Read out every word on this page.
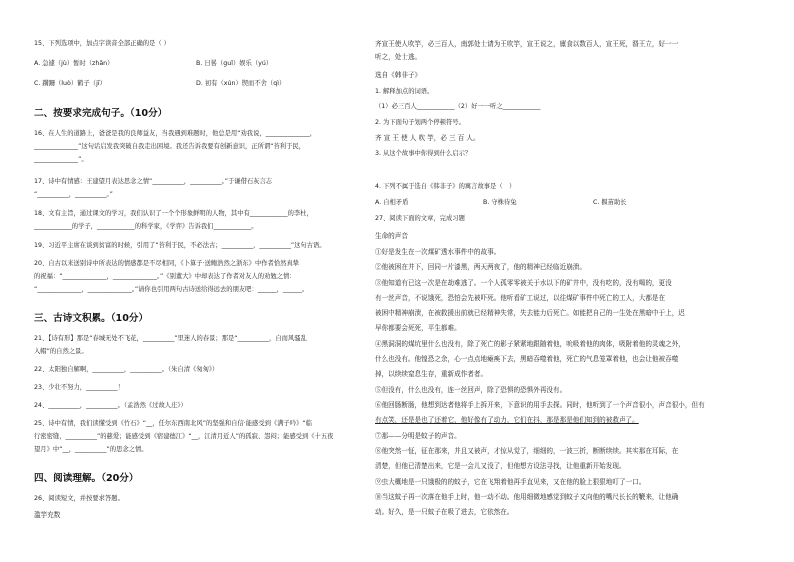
15、下列选项中，加点字读音全部正确的是（ ）
A. 急遽（jù）暂时（zhǎn）	B. 日晷（guǐ）娱乐（yú）
C. 蹒跚（luò）鹤子（jī）	D. 初有（xún）锲而不舍（qì）
二、按要求完成句子。（10分）
16、在人生的道路上，爸爸是我的良师益友，当我遇到难题时，他总是用“劝我说，______________，
______________”这句话启发我突破自我走出困境。我还告诉我要有创新意识，正所谓“苔利于民，
______________”。
17、诗中有情感：王建望月表达思念之情“__________，__________。”于谦借石灰言志
“__________，__________。”
18、文有主旨，通过课文的学习，我们认识了一个个形象鲜明的人物，其中有____________的李杜，
____________的学子，____________的科学家，《学弈》告诉我们____________。
19、习近平主席在谈到贫富的时候，引用了“苔利于民，不必法古；__________，__________”这句古语。
20、自古以来送别诗中所表达的情感都是不尽相同，《卜算子·送鲍浩然之浙东》中作者恰然真挚
的祝福：“______________，______________。”《别董大》中却表达了作者对友人的劝勉之情：
“______________，______________。”请你也引用两句古诗送给得远去的朋友吧：______，______。
三、古诗文积累。（10分）
21、【诗有形】那是“春城无处不飞花，__________”里迷人的春景；那是“__________，自而风骚乱
入帽”的自然之景。
22、太阳独自解啊，__________，__________。（朱自清《匆匆》）
23、少壮不努力，__________！
24、__________，__________。（孟浩然《过故人庄》）
25、诗中有情，我们读懂受到《竹石》“__，任尔东西南北风”的坚强和自信·能感受到《满子吟》“临
行密密缝，__________”的慈爱；能感受到《宿建德江》“__，江清月近人”的孤寂、怨闷；能感受到《十五夜
望月》中“__，__________”的思念之情。
四、阅读理解。（20分）
26、阅读短文，并按要求答题。
滥竽充数
齐宣王使人吹竽，必三百人，南郭处士请为王吹竽，宣王说之，廪食以数百人，宣王死，湣王立，好一一
听之，处士逃。
选自《韩非子》
1. 解释加点的词语。
（1）必三百人____________（2）好一一听之____________
2. 为下面句子划两个停顿符号。
齐 宣 王 使 人 吹 竽，必 三 百 人。
3. 从这个故事中你得到什么启示？
4. 下列不属于选自《韩非子》的寓言故事是（　）
A. 自相矛盾	B. 守株待兔	C. 揠苗助长
27、阅读下面的文章，完成习题
生命的声音
①好是发生在一次煤矿透水事件中的故事。
②他被困在井下，回同一片漆黑，两天两夜了，他的精神已经临近崩溃。
③他知道有已这一次是在劫难逃了。一个人孤零零被关于水以下的矿井中，没有吃的，没有喝的，更没
有一丝声音，不说饿死，恐怕会先被吓死。他听看矿工说过，以往煤矿事件中死亡的工人，大都是在
被困中精神崩溃，在被救援出前就已经精神失常，失去能力后死亡。如能把自己的一生处在黑暗中于上，迟
早你都要会死死，平生都难。
④黑洞洞的煤坑里什么也没有，除了死亡的影子紧紧地跟随着他，吮吸着他的肉体，吸附着他的灵魂之外，
什么也没有。他惶恐之余，心一点点地瘫痪下去，黑暗吞噬着他，死亡的气息笼罩着他，也会让他被吞噬
掉，以续续窒息生存，重新成作者者。
⑤但没有，什么也没有，连一丝回声，除了恐惧的恐惧外再没有。
⑥他回肠断肠，他想到达者他将手上拆开来，下意识的用手去探。同时，他听到了一个声音很小，声音很小，但有
有点笑，还是是也了还着它，他好像有了动力，它们在抖，那是那是他们知到的被救声了。
⑦那——分明是蚊子的声音。
⑧他突然一怔，征在那来，并且又被声，才惊从觉了，细细的，一波三折，断断续续。其实那在耳际，在
清楚，但他已清楚出来，它是一会儿又没了，但他想方设法寻找，让他重新开始发现。
⑨虫大概地是一只饿极的的蚊子，它在飞翔着他再手直见来，又在他的脸上狠狠地叮了一口。
⑩当这蚊子再一次落在他手上时，他一动不动。他用细微地感觉到蚊子又向他的嘴尺长长的鞭来，让他确
动。好久，是一只蚊子在吸了进去，它依然在。
